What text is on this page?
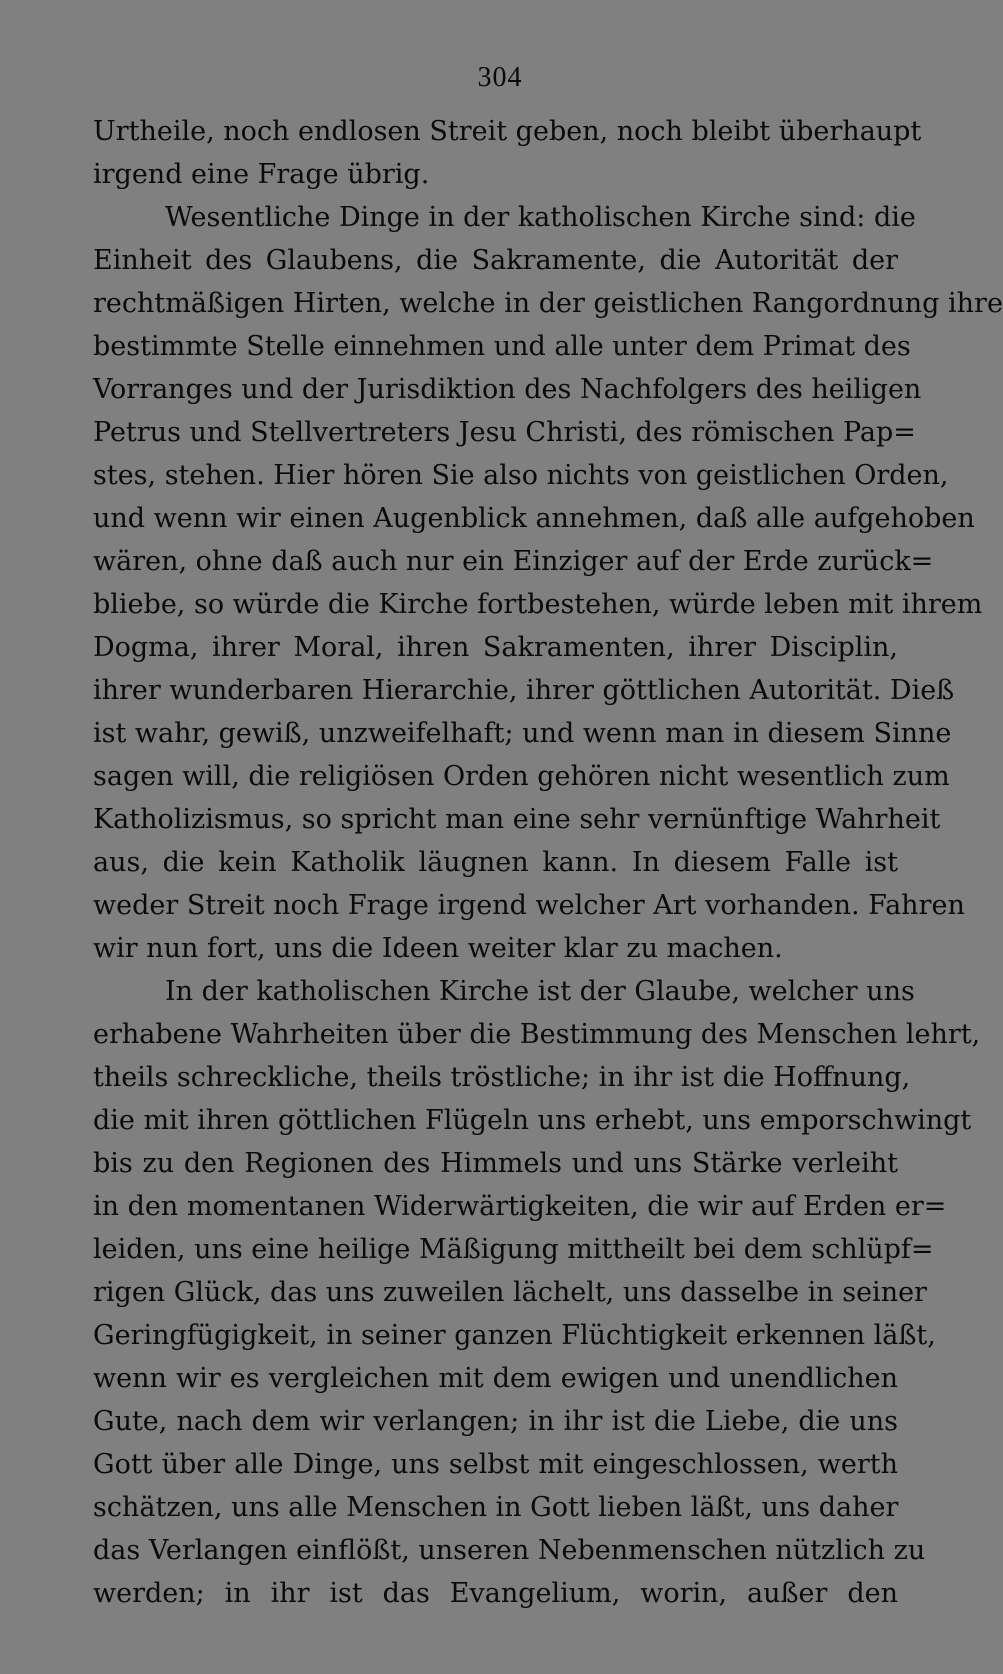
304
Urtheile, noch endlosen Streit geben, noch bleibt überhaupt
irgend eine Frage übrig.
Wesentliche Dinge in der katholischen Kirche sind: die
Einheit des Glaubens, die Sakramente, die Autorität der
rechtmäßigen Hirten, welche in der geistlichen Rangordnung ihre
bestimmte Stelle einnehmen und alle unter dem Primat des
Vorranges und der Jurisdiktion des Nachfolgers des heiligen
Petrus und Stellvertreters Jesu Christi, des römischen Pap=
stes, stehen. Hier hören Sie also nichts von geistlichen Orden,
und wenn wir einen Augenblick annehmen, daß alle aufgehoben
wären, ohne daß auch nur ein Einziger auf der Erde zurück=
bliebe, so würde die Kirche fortbestehen, würde leben mit ihrem
Dogma, ihrer Moral, ihren Sakramenten, ihrer Disciplin,
ihrer wunderbaren Hierarchie, ihrer göttlichen Autorität. Dieß
ist wahr, gewiß, unzweifelhaft; und wenn man in diesem Sinne
sagen will, die religiösen Orden gehören nicht wesentlich zum
Katholizismus, so spricht man eine sehr vernünftige Wahrheit
aus, die kein Katholik läugnen kann. In diesem Falle ist
weder Streit noch Frage irgend welcher Art vorhanden. Fahren
wir nun fort, uns die Ideen weiter klar zu machen.
In der katholischen Kirche ist der Glaube, welcher uns
erhabene Wahrheiten über die Bestimmung des Menschen lehrt,
theils schreckliche, theils tröstliche; in ihr ist die Hoffnung,
die mit ihren göttlichen Flügeln uns erhebt, uns emporschwingt
bis zu den Regionen des Himmels und uns Stärke verleiht
in den momentanen Widerwärtigkeiten, die wir auf Erden er=
leiden, uns eine heilige Mäßigung mittheilt bei dem schlüpf=
rigen Glück, das uns zuweilen lächelt, uns dasselbe in seiner
Geringfügigkeit, in seiner ganzen Flüchtigkeit erkennen läßt,
wenn wir es vergleichen mit dem ewigen und unendlichen
Gute, nach dem wir verlangen; in ihr ist die Liebe, die uns
Gott über alle Dinge, uns selbst mit eingeschlossen, werth
schätzen, uns alle Menschen in Gott lieben läßt, uns daher
das Verlangen einflößt, unseren Nebenmenschen nützlich zu
werden; in ihr ist das Evangelium, worin, außer den
